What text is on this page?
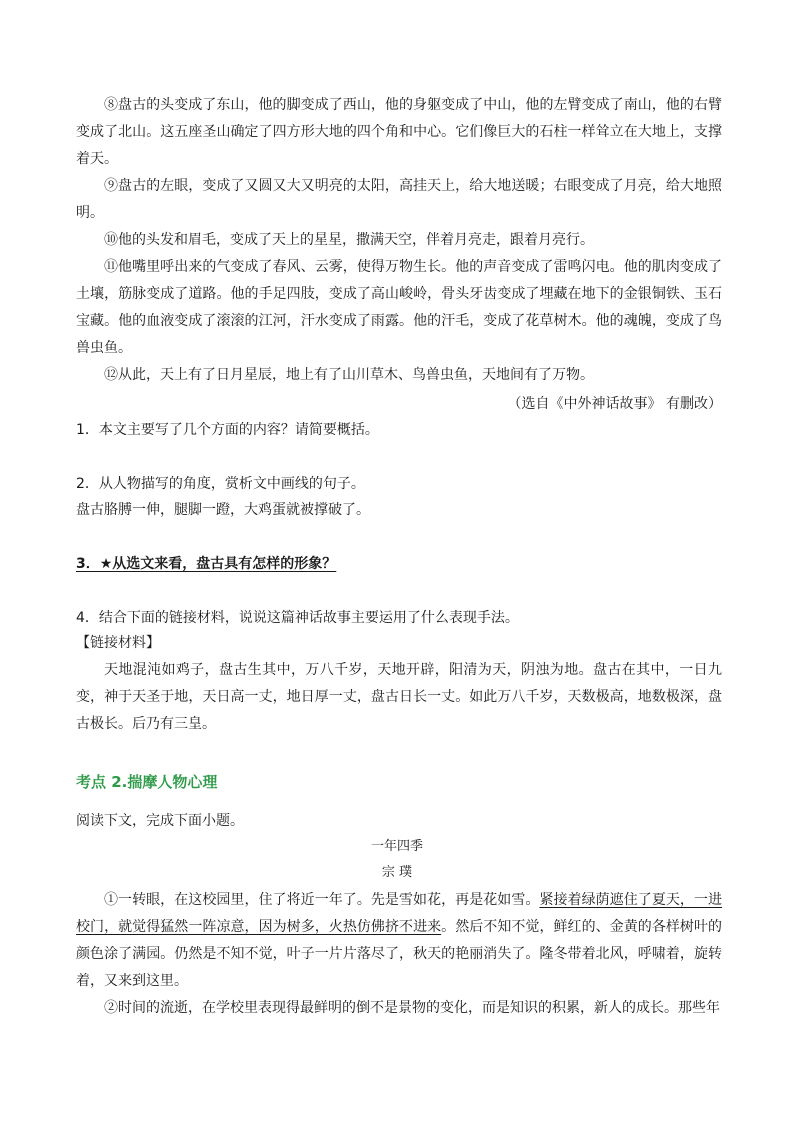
⑧盘古的头变成了东山，他的脚变成了西山，他的身躯变成了中山，他的左臂变成了南山，他的右臂变成了北山。这五座圣山确定了四方形大地的四个角和中心。它们像巨大的石柱一样耸立在大地上，支撑着天。

⑨盘古的左眼，变成了又圆又大又明亮的太阳，高挂天上，给大地送暖；右眼变成了月亮，给大地照明。

⑩他的头发和眉毛，变成了天上的星星，撒满天空，伴着月亮走，跟着月亮行。

⑪他嘴里呼出来的气变成了春风、云雾，使得万物生长。他的声音变成了雷鸣闪电。他的肌肉变成了土壤，筋脉变成了道路。他的手足四肢，变成了高山峻岭，骨头牙齿变成了埋藏在地下的金银铜铁、玉石宝藏。他的血液变成了滚滚的江河，汗水变成了雨露。他的汗毛，变成了花草树木。他的魂魄，变成了鸟兽虫鱼。

⑫从此，天上有了日月星辰，地上有了山川草木、鸟兽虫鱼，天地间有了万物。

（选自《中外神话故事》 有删改）

1．本文主要写了几个方面的内容？请简要概括。

2．从人物描写的角度，赏析文中画线的句子。

盘古胳膊一伸，腿脚一蹬，大鸡蛋就被撑破了。

3．★从选文来看，盘古具有怎样的形象？

4．结合下面的链接材料，说说这篇神话故事主要运用了什么表现手法。

【链接材料】

天地混沌如鸡子，盘古生其中，万八千岁，天地开辟，阳清为天，阴浊为地。盘古在其中，一日九变，神于天圣于地，天日高一丈，地日厚一丈，盘古日长一丈。如此万八千岁，天数极高，地数极深，盘古极长。后乃有三皇。

考点 2.揣摩人物心理

阅读下文，完成下面小题。

一年四季

宗 璞

①一转眼，在这校园里，住了将近一年了。先是雪如花，再是花如雪。紧接着绿荫遮住了夏天，一进校门，就觉得猛然一阵凉意，因为树多，火热仿佛挤不进来。然后不知不觉，鲜红的、金黄的各样树叶的颜色涂了满园。仍然是不知不觉，叶子一片片落尽了，秋天的艳丽消失了。隆冬带着北风，呼啸着，旋转着，又来到这里。

②时间的流逝，在学校里表现得最鲜明的倒不是景物的变化，而是知识的积累，新人的成长。那些年
